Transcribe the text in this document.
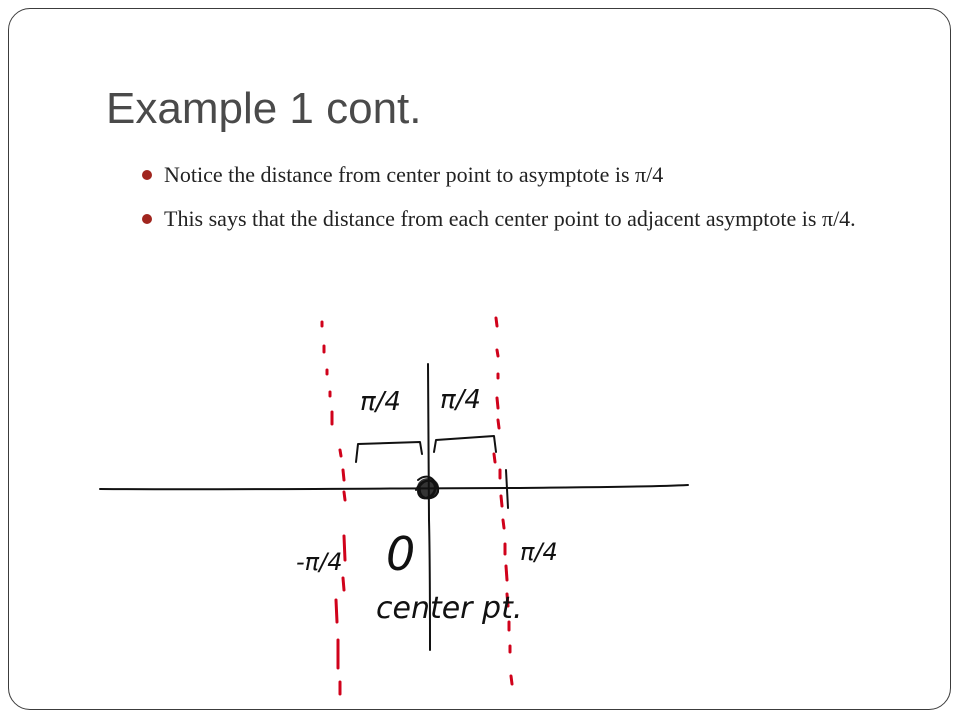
Example 1 cont.
Notice the distance from center point to asymptote is π/4
This says that the distance from each center point to adjacent asymptote is π/4.
π/4 π/4
-π/4	π/4
0
center pt.
